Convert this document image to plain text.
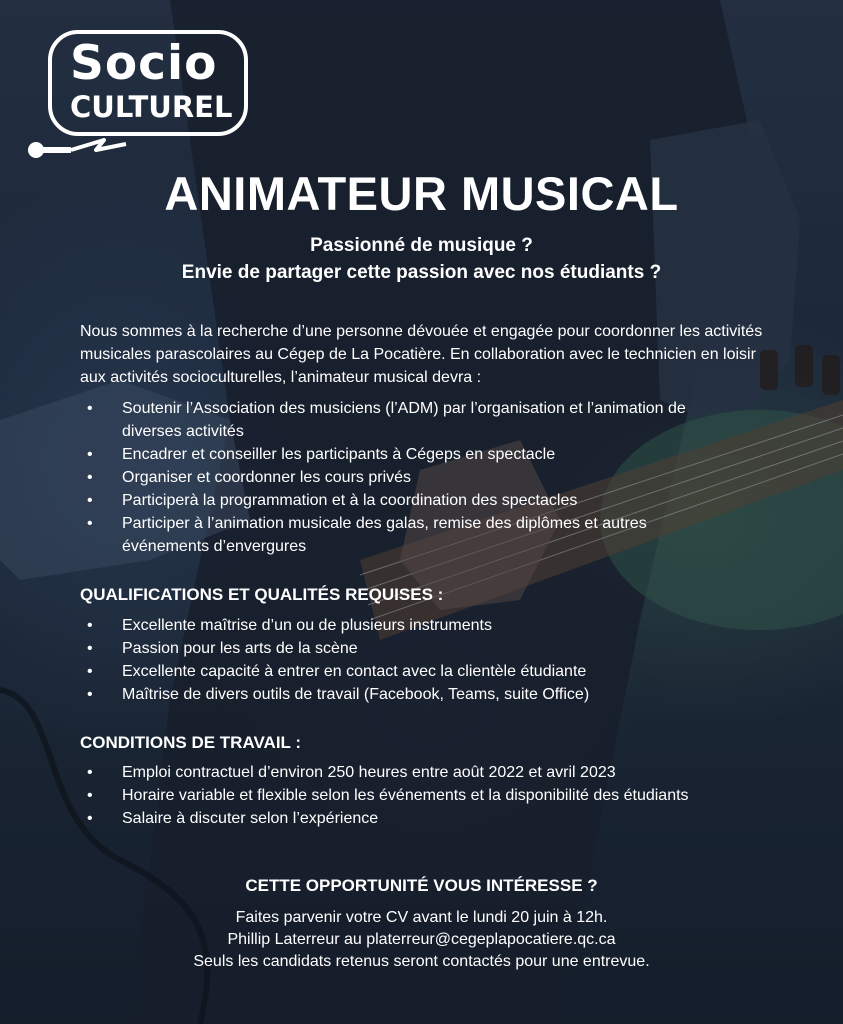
Socio
CULTUREL
ANIMATEUR MUSICAL
Passionné de musique ?
Envie de partager cette passion avec nos étudiants ?
Nous sommes à la recherche d’une personne dévouée et engagée pour coordonner les activités musicales parascolaires au Cégep de La Pocatière. En collaboration avec le technicien en loisir aux activités socioculturelles, l’animateur musical devra :
• Soutenir l’Association des musiciens (l’ADM) par l’organisation et l’animation de diverses activités
• Encadrer et conseiller les participants à Cégeps en spectacle
• Organiser et coordonner les cours privés
• Participerà la programmation et à la coordination des spectacles
• Participer à l’animation musicale des galas, remise des diplômes et autres événements d’envergures
QUALIFICATIONS ET QUALITÉS REQUISES :
• Excellente maîtrise d’un ou de plusieurs instruments
• Passion pour les arts de la scène
• Excellente capacité à entrer en contact avec la clientèle étudiante
• Maîtrise de divers outils de travail (Facebook, Teams, suite Office)
CONDITIONS DE TRAVAIL :
• Emploi contractuel d’environ 250 heures entre août 2022 et avril 2023
• Horaire variable et flexible selon les événements et la disponibilité des étudiants
• Salaire à discuter selon l’expérience
CETTE OPPORTUNITÉ VOUS INTÉRESSE ?
Faites parvenir votre CV avant le lundi 20 juin à 12h.
Phillip Laterreur au platerreur@cegeplapocatiere.qc.ca
Seuls les candidats retenus seront contactés pour une entrevue.
